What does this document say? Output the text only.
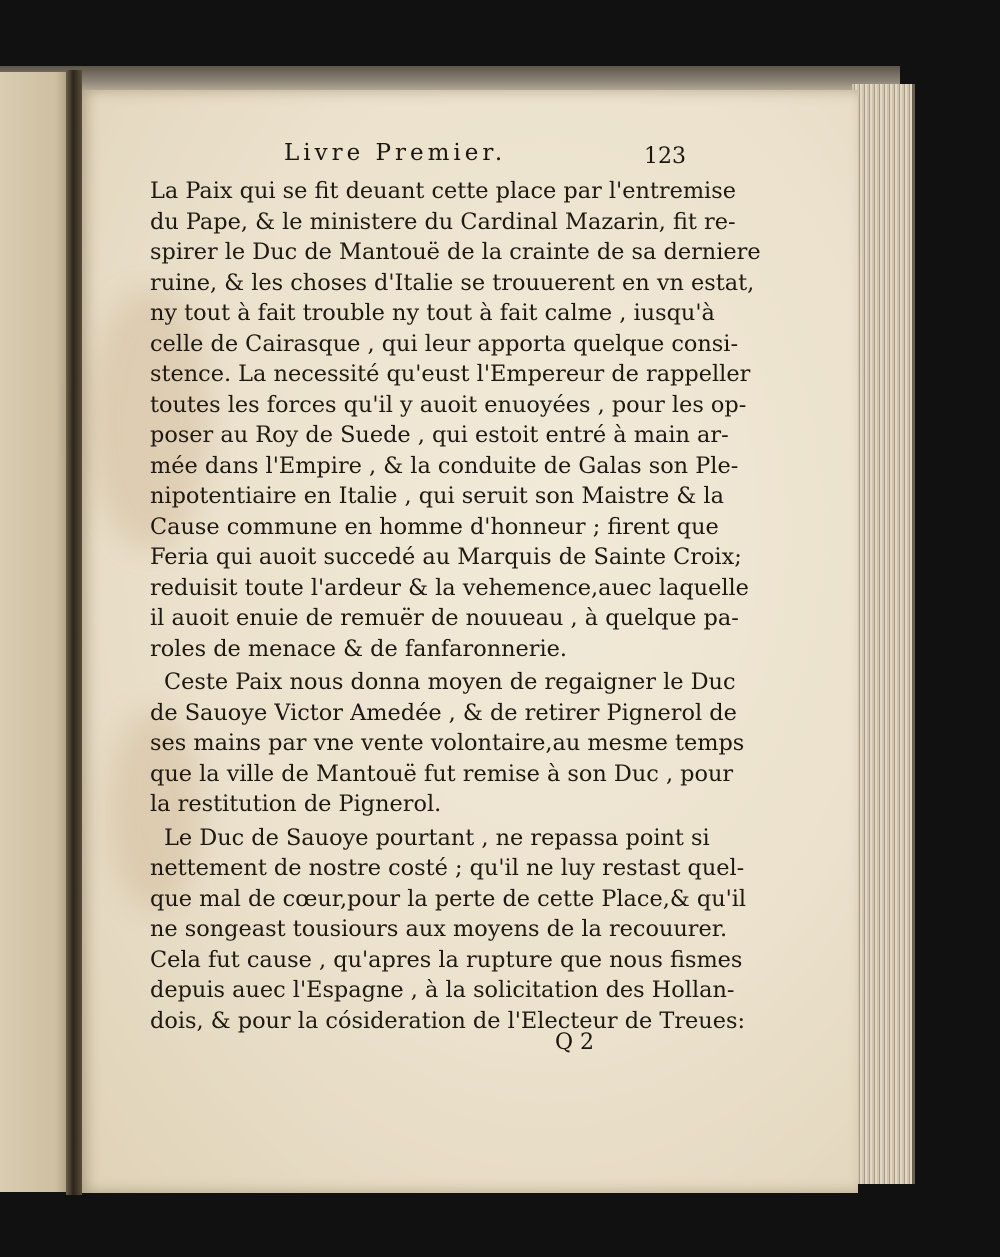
Livre Premier.	123
La Paix qui se fit deuant cette place par l'entremise
du Pape, & le ministere du Cardinal Mazarin, fit re-
spirer le Duc de Mantouë de la crainte de sa derniere
ruine, & les choses d'Italie se trouuerent en vn estat,
ny tout à fait trouble ny tout à fait calme , iusqu'à
celle de Cairasque , qui leur apporta quelque consi-
stence. La necessité qu'eust l'Empereur de rappeller
toutes les forces qu'il y auoit enuoyées , pour les op-
poser au Roy de Suede , qui estoit entré à main ar-
mée dans l'Empire , & la conduite de Galas son Ple-
nipotentiaire en Italie , qui seruit son Maistre & la
Cause commune en homme d'honneur ; firent que
Feria qui auoit succedé au Marquis de Sainte Croix;
reduisit toute l'ardeur & la vehemence,auec laquelle
il auoit enuie de remuër de nouueau , à quelque pa-
roles de menace & de fanfaronnerie.
Ceste Paix nous donna moyen de regaigner le Duc
de Sauoye Victor Amedée , & de retirer Pignerol de
ses mains par vne vente volontaire,au mesme temps
que la ville de Mantouë fut remise à son Duc , pour
la restitution de Pignerol.
Le Duc de Sauoye pourtant , ne repassa point si
nettement de nostre costé ; qu'il ne luy restast quel-
que mal de cœur,pour la perte de cette Place,& qu'il
ne songeast tousiours aux moyens de la recouurer.
Cela fut cause , qu'apres la rupture que nous fismes
depuis auec l'Espagne , à la solicitation des Hollan-
dois, & pour la cósideration de l'Electeur de Treues:
Q 2
